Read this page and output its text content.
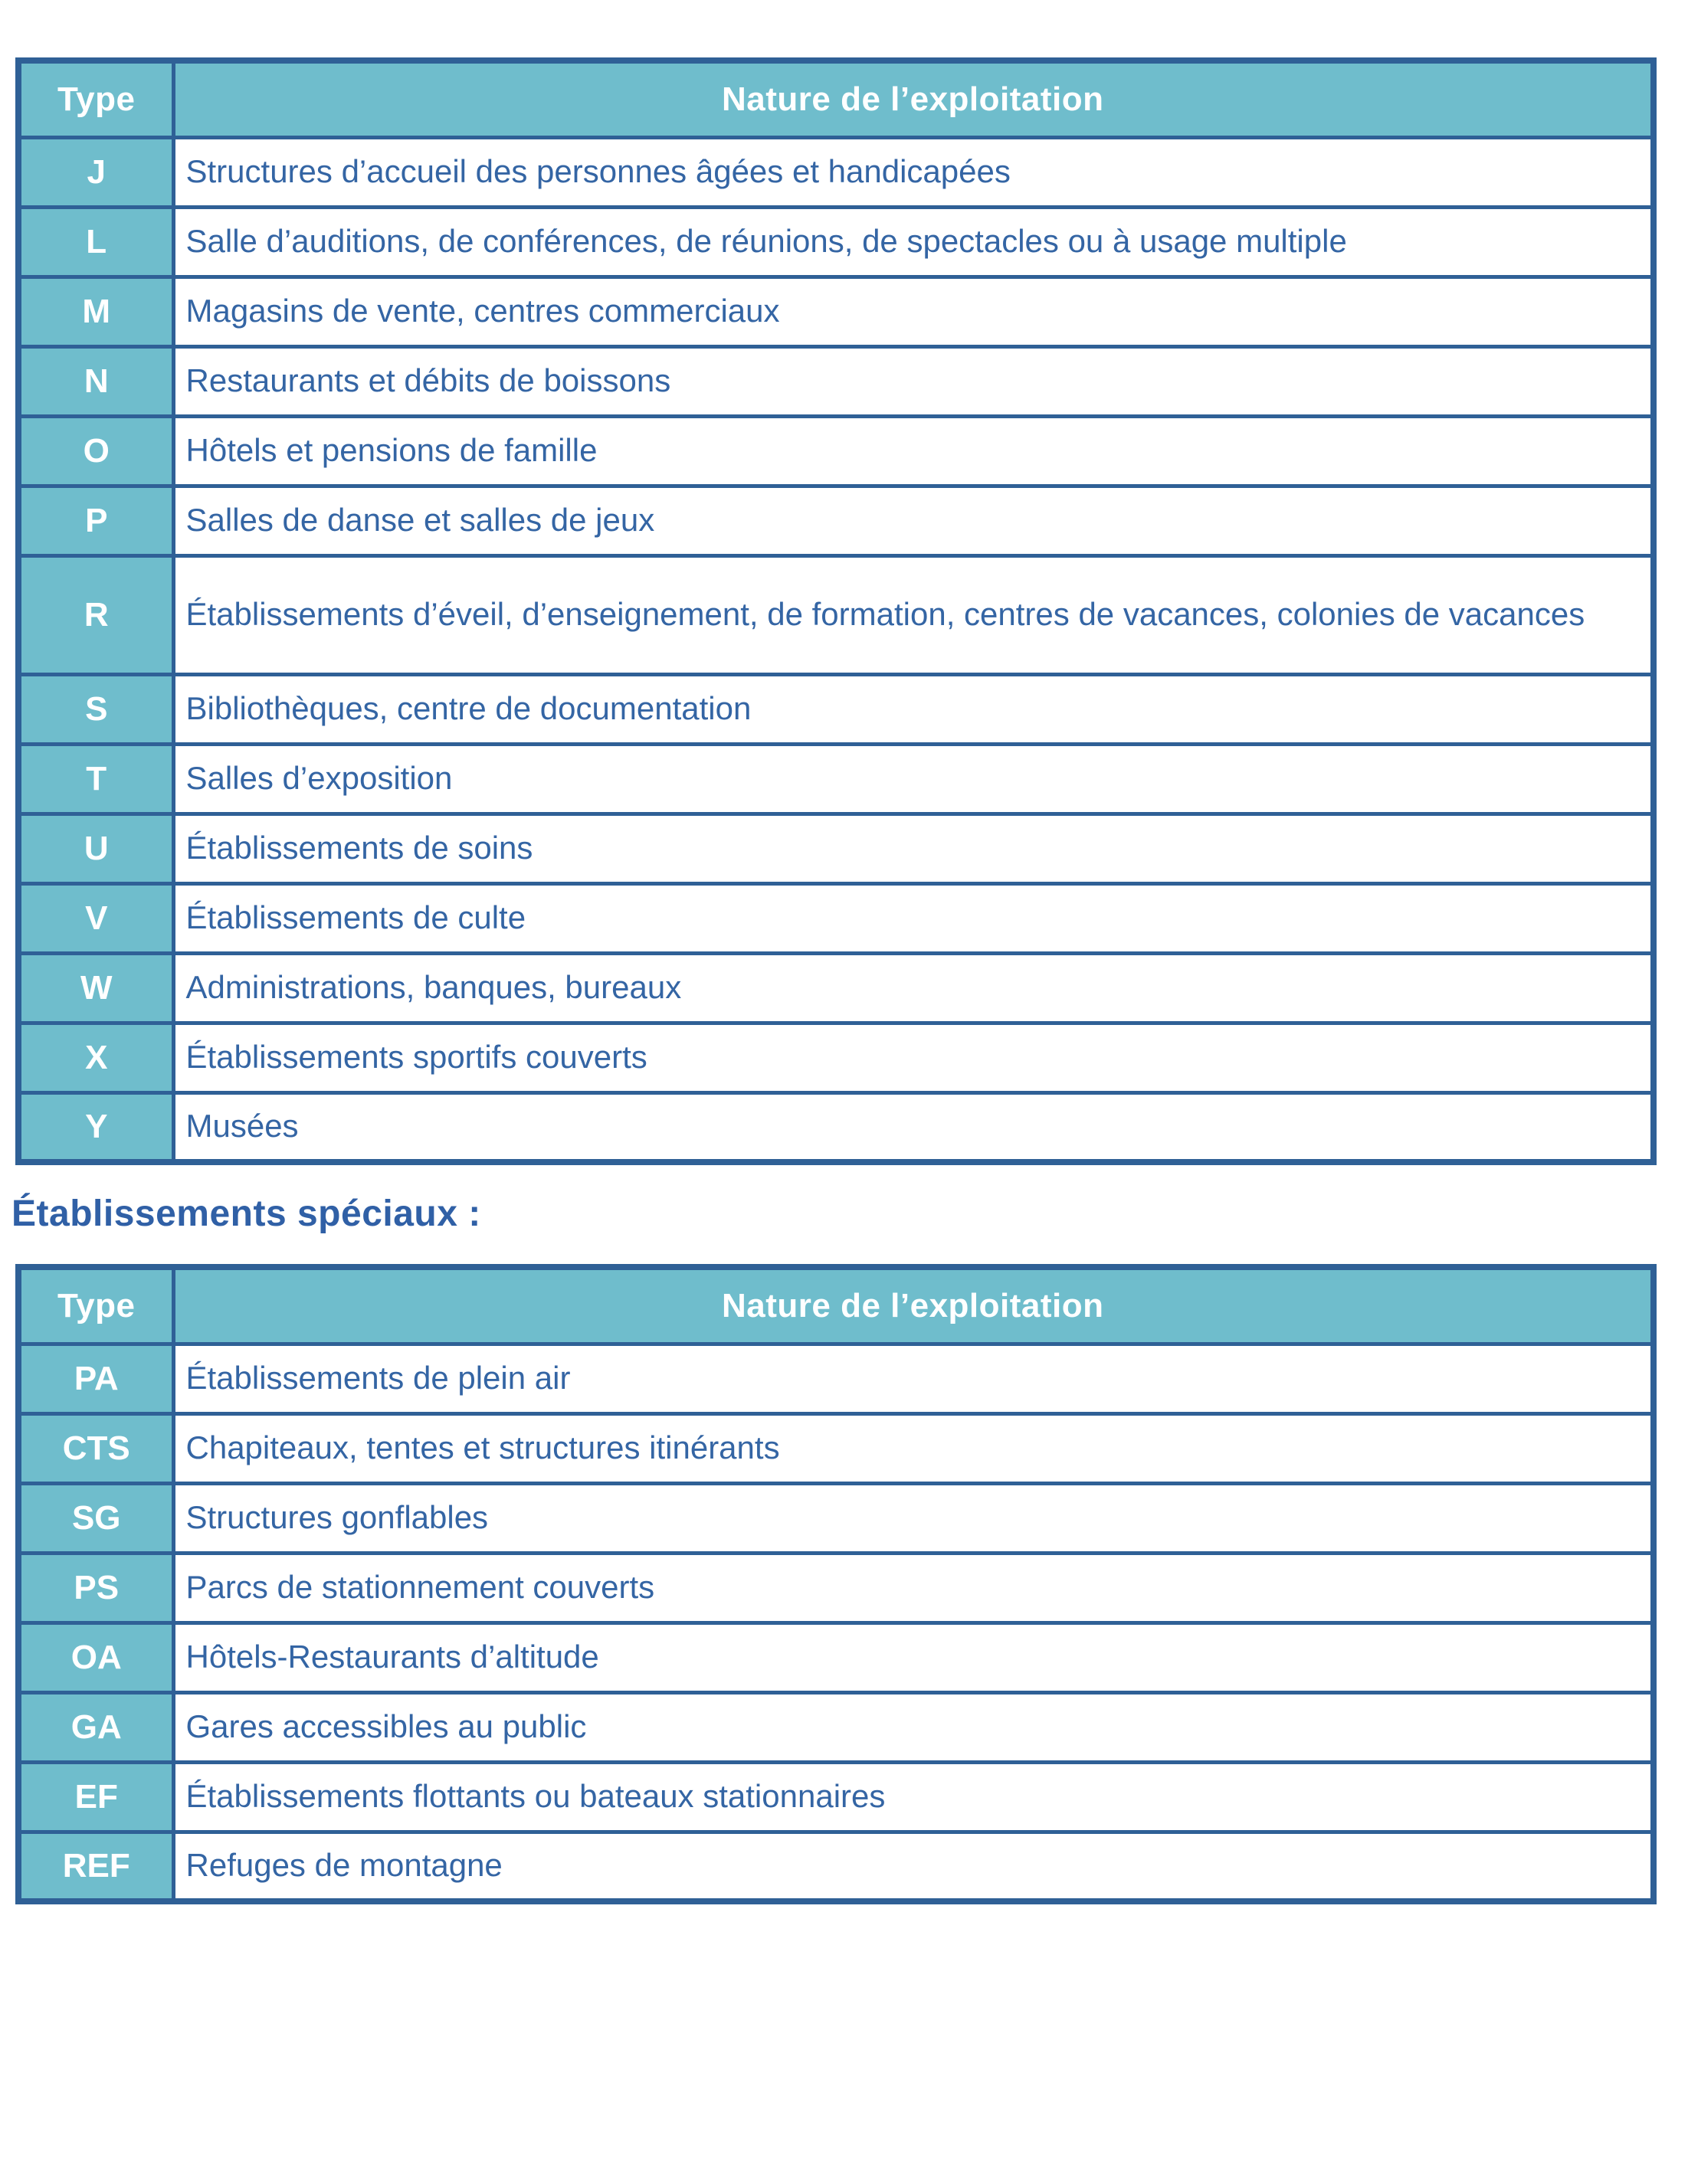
Type	Nature de l’exploitation
J	Structures d’accueil des personnes âgées et handicapées
L	Salle d’auditions, de conférences, de réunions, de spectacles ou à usage multiple
M	Magasins de vente, centres commerciaux
N	Restaurants et débits de boissons
O	Hôtels et pensions de famille
P	Salles de danse et salles de jeux
R	Établissements d’éveil, d’enseignement, de formation, centres de vacances, colonies de vacances
S	Bibliothèques, centre de documentation
T	Salles d’exposition
U	Établissements de soins
V	Établissements de culte
W	Administrations, banques, bureaux
X	Établissements sportifs couverts
Y	Musées
Établissements spéciaux :
Type	Nature de l’exploitation
PA	Établissements de plein air
CTS	Chapiteaux, tentes et structures itinérants
SG	Structures gonflables
PS	Parcs de stationnement couverts
OA	Hôtels-Restaurants d’altitude
GA	Gares accessibles au public
EF	Établissements flottants ou bateaux stationnaires
REF	Refuges de montagne
